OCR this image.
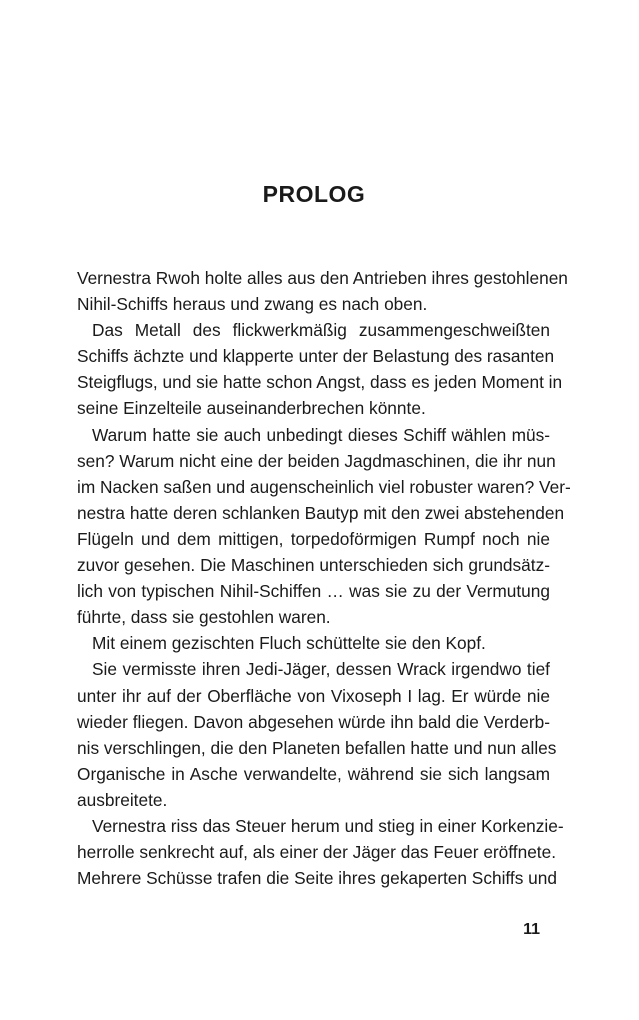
PROLOG

Vernestra Rwoh holte alles aus den Antrieben ihres gestohlenen
Nihil-Schiffs heraus und zwang es nach oben.

Das Metall des flickwerkmäßig zusammengeschweißten
Schiffs ächzte und klapperte unter der Belastung des rasanten
Steigflugs, und sie hatte schon Angst, dass es jeden Moment in
seine Einzelteile auseinanderbrechen könnte.

Warum hatte sie auch unbedingt dieses Schiff wählen müs-
sen? Warum nicht eine der beiden Jagdmaschinen, die ihr nun
im Nacken saßen und augenscheinlich viel robuster waren? Ver-
nestra hatte deren schlanken Bautyp mit den zwei abstehenden
Flügeln und dem mittigen, torpedoförmigen Rumpf noch nie
zuvor gesehen. Die Maschinen unterschieden sich grundsätz-
lich von typischen Nihil-Schiffen … was sie zu der Vermutung
führte, dass sie gestohlen waren.

Mit einem gezischten Fluch schüttelte sie den Kopf.

Sie vermisste ihren Jedi-Jäger, dessen Wrack irgendwo tief
unter ihr auf der Oberfläche von Vixoseph I lag. Er würde nie
wieder fliegen. Davon abgesehen würde ihn bald die Verderb-
nis verschlingen, die den Planeten befallen hatte und nun alles
Organische in Asche verwandelte, während sie sich langsam
ausbreitete.

Vernestra riss das Steuer herum und stieg in einer Korkenzie-
herrolle senkrecht auf, als einer der Jäger das Feuer eröffnete.
Mehrere Schüsse trafen die Seite ihres gekaperten Schiffs und

11
